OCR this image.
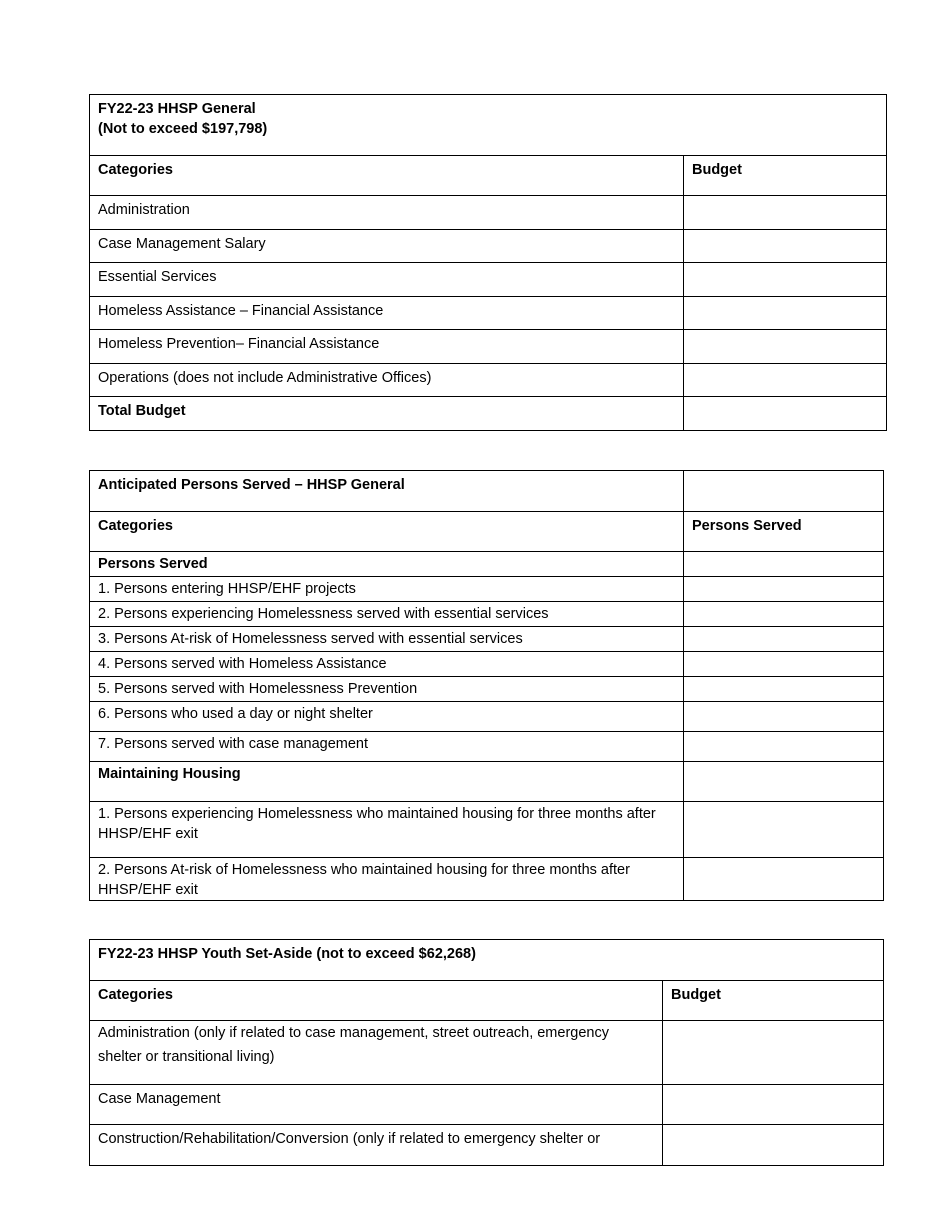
FY22-23 HHSP General
(Not to exceed $197,798)	

Categories	Budget
Administration	
Case Management Salary	
Essential Services	
Homeless Assistance – Financial Assistance	
Homeless Prevention– Financial Assistance	
Operations (does not include Administrative Offices)	
Total Budget	
Anticipated Persons Served – HHSP General	
Categories	Persons Served
Persons Served	
1. Persons entering HHSP/EHF projects	
2. Persons experiencing Homelessness served with essential services	
3. Persons At-risk of Homelessness served with essential services	
4. Persons served with Homeless Assistance	
5. Persons served with Homelessness Prevention	
6. Persons who used a day or night shelter	
7. Persons served with case management	
Maintaining Housing	
1. Persons experiencing Homelessness who maintained housing for three months after HHSP/EHF exit	
2. Persons At-risk of Homelessness who maintained housing for three months after HHSP/EHF exit	
FY22-23 HHSP Youth Set-Aside (not to exceed $62,268)	
Categories	Budget
Administration (only if related to case management, street outreach, emergency shelter or transitional living)	
Case Management	
Construction/Rehabilitation/Conversion (only if related to emergency shelter or	
